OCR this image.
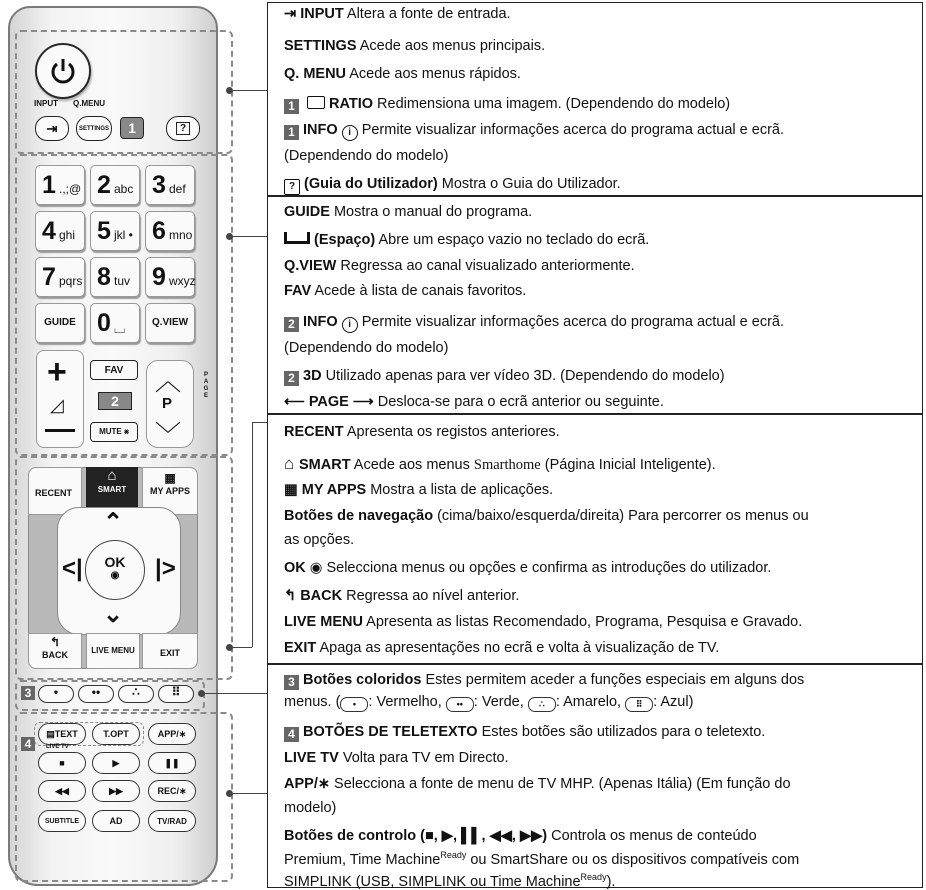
INPUT Q.MENU
⇥	SETTINGS	1	?
1 .,;@ 2 abc 3 def
4 ghi 5 jkl • 6 mno
7 pqrs 8 tuv 9 wxyz
GUIDE 0 ⌴	Q.VIEW
+
◿
FAV
2
MUTE ⨳
︿
P
﹀
P A G E
RECENT
⌂
SMART
▦
MY APPS
⌃
⌄
<|	|>
OK
◉
↰
BACK	LIVE MENU	EXIT
3	•	••	∴	⠿
4
▤TEXT	T.OPT	APP/∗
LIVE TV
■	▶	❚❚
◀◀	▶▶	REC/∗
SUBTITLE	AD	TV/RAD
⇥ INPUT Altera a fonte de entrada.
SETTINGS Acede aos menus principais.
Q. MENU Acede aos menus rápidos.
1 RATIO Redimensiona uma imagem. (Dependendo do modelo)
1 INFO i Permite visualizar informações acerca do programa actual e ecrã.
(Dependendo do modelo)
? (Guia do Utilizador) Mostra o Guia do Utilizador.
GUIDE Mostra o manual do programa.
(Espaço) Abre um espaço vazio no teclado do ecrã.
Q.VIEW Regressa ao canal visualizado anteriormente.
FAV Acede à lista de canais favoritos.
2 INFO i Permite visualizar informações acerca do programa actual e ecrã.
(Dependendo do modelo)
2 3D Utilizado apenas para ver vídeo 3D. (Dependendo do modelo)
⟵ PAGE ⟶ Desloca-se para o ecrã anterior ou seguinte.
RECENT Apresenta os registos anteriores.
⌂ SMART Acede aos menus Smarthome (Página Inicial Inteligente).
▦ MY APPS Mostra a lista de aplicações.
Botões de navegação (cima/baixo/esquerda/direita) Para percorrer os menus ou
as opções.
OK ◉ Selecciona menus ou opções e confirma as introduções do utilizador.
↰ BACK Regressa ao nível anterior.
LIVE MENU Apresenta as listas Recomendado, Programa, Pesquisa e Gravado.
EXIT Apaga as apresentações no ecrã e volta à visualização de TV.
3 Botões coloridos Estes permitem aceder a funções especiais em alguns dos
menus. ( • : Vermelho, •• : Verde, ∴ : Amarelo, ⠿ : Azul)
4 BOTÕES DE TELETEXTO Estes botões são utilizados para o teletexto.
LIVE TV Volta para TV em Directo.
APP/∗ Selecciona a fonte de menu de TV MHP. (Apenas Itália) (Em função do
modelo)
Botões de controlo (■, ▶, ▌▌, ◀◀, ▶▶) Controla os menus de conteúdo
Premium, Time Machine$^{Ready}$ ou SmartShare ou os dispositivos compatíveis com
SIMPLINK (USB, SIMPLINK ou Time Machine$^{Ready}$).
